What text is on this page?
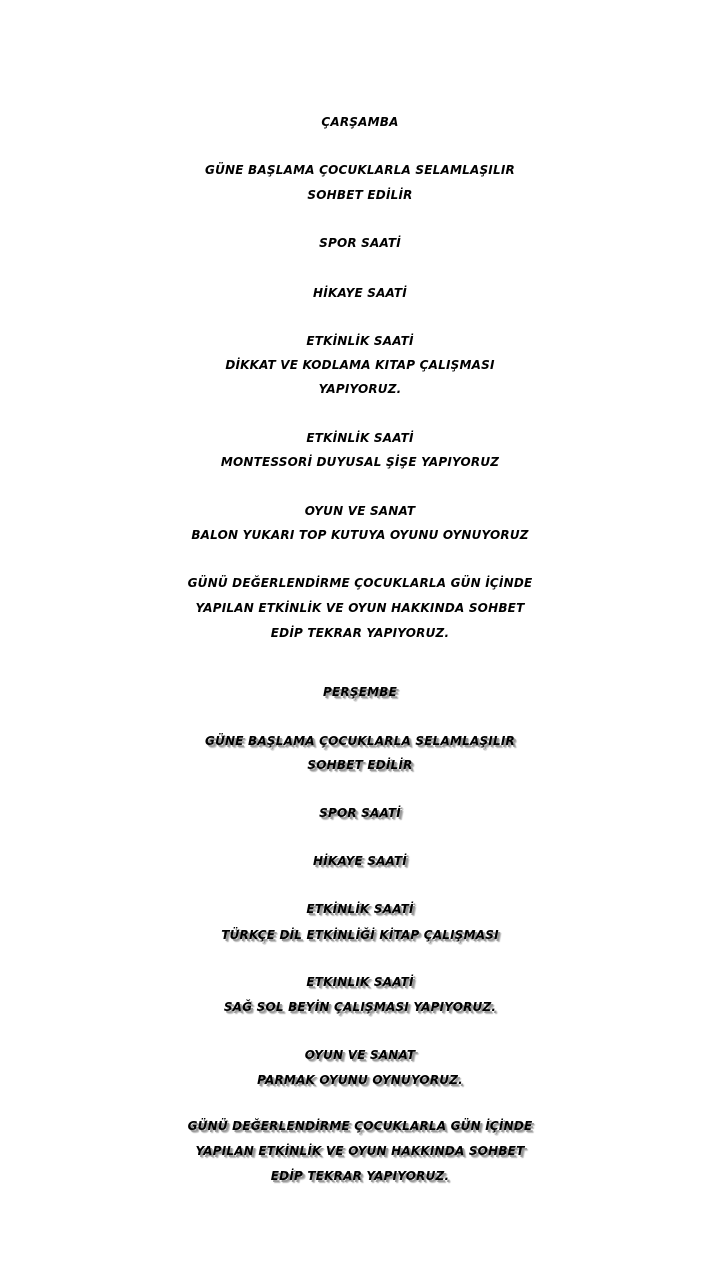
ÇARŞAMBA
GÜNE BAŞLAMA ÇOCUKLARLA SELAMLAŞILIR
SOHBET EDİLİR
SPOR SAATİ
HİKAYE SAATİ
ETKİNLİK SAATİ
DİKKAT VE KODLAMA KITAP ÇALIŞMASI
YAPIYORUZ.
ETKİNLİK SAATİ
MONTESSORİ DUYUSAL ŞİŞE YAPIYORUZ
OYUN VE SANAT
BALON YUKARI TOP KUTUYA OYUNU OYNUYORUZ
GÜNÜ DEĞERLENDİRME ÇOCUKLARLA GÜN İÇİNDE
YAPILAN ETKİNLİK VE OYUN HAKKINDA SOHBET
EDİP TEKRAR YAPIYORUZ.
PERŞEMBE
GÜNE BAŞLAMA ÇOCUKLARLA SELAMLAŞILIR
SOHBET EDİLİR
SPOR SAATİ
HİKAYE SAATİ
ETKİNLİK SAATİ
TÜRKÇE DİL ETKİNLİĞİ KİTAP ÇALIŞMASI
ETKINLIK SAATİ
SAĞ SOL BEYİN ÇALIŞMASI YAPIYORUZ.
OYUN VE SANAT
PARMAK OYUNU OYNUYORUZ.
GÜNÜ DEĞERLENDİRME ÇOCUKLARLA GÜN İÇİNDE
YAPILAN ETKİNLİK VE OYUN HAKKINDA SOHBET
EDİP TEKRAR YAPIYORUZ.
